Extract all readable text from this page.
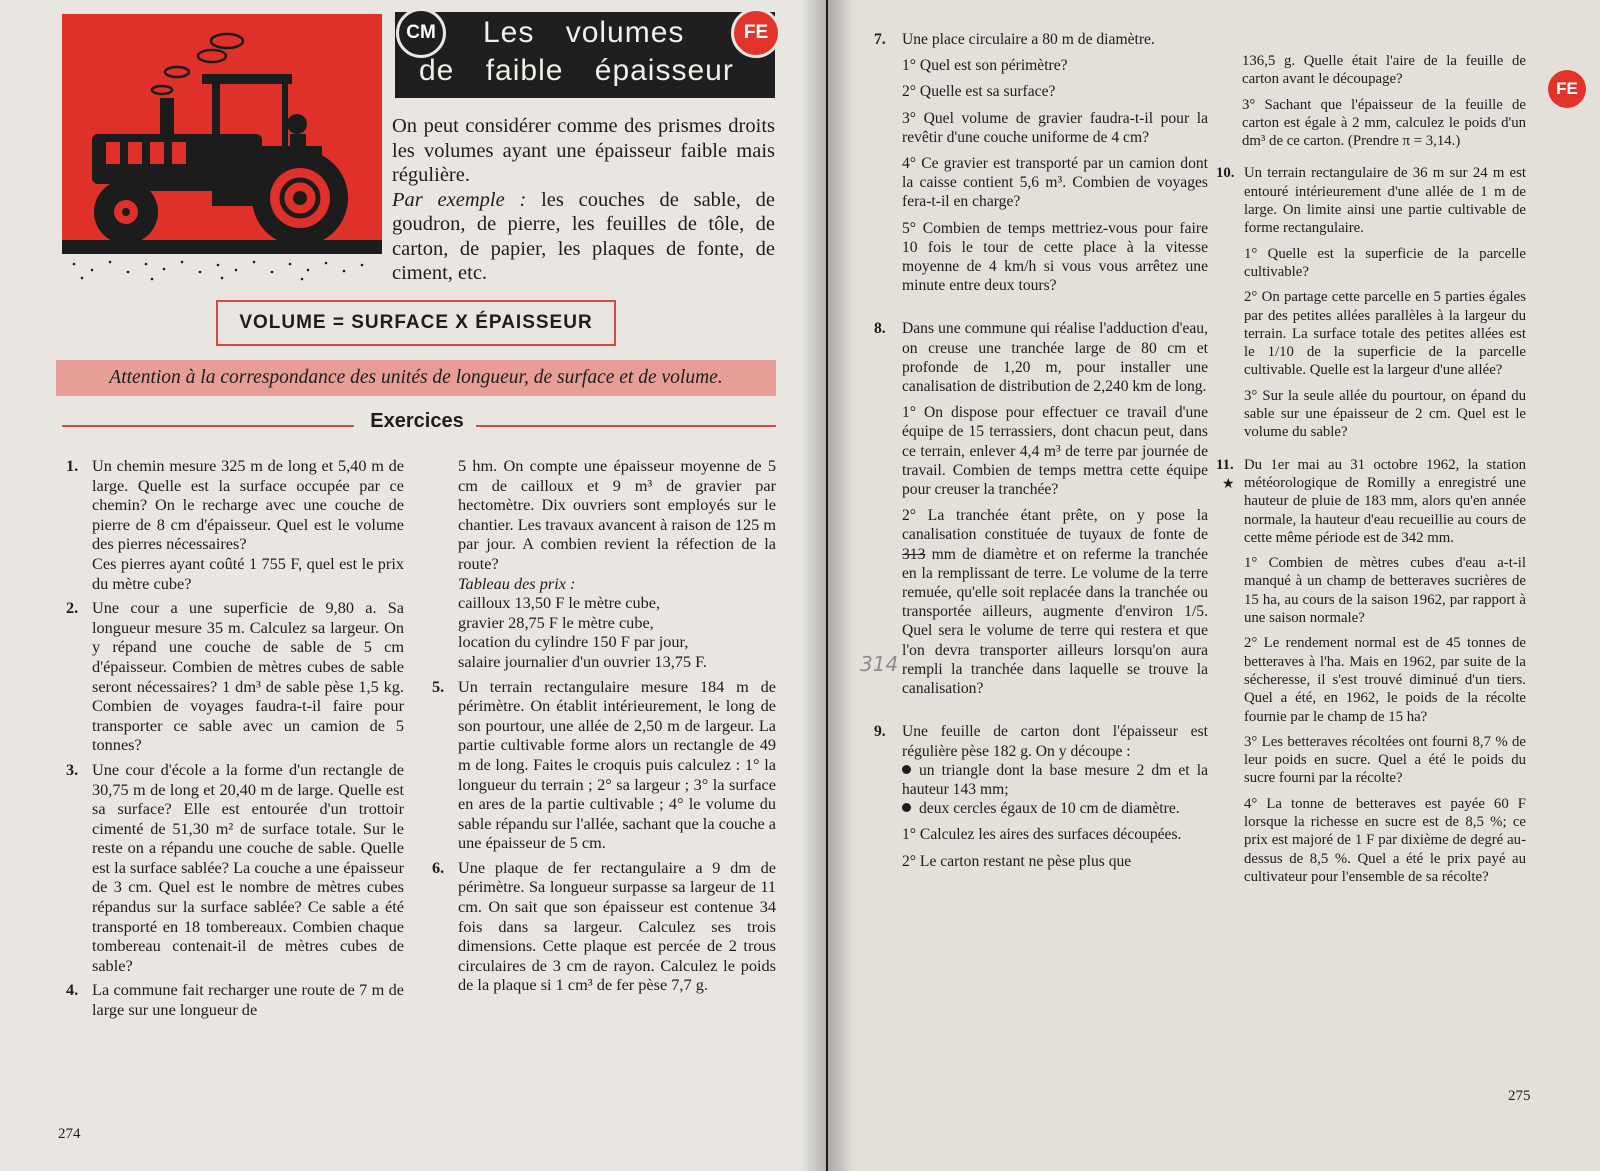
Les volumes
de faible épaisseur
CM	FE

On peut considérer comme des prismes droits les volumes ayant une épaisseur faible mais régulière.

Par exemple : les couches de sable, de goudron, de pierre, les feuilles de tôle, de carton, de papier, les plaques de fonte, de ciment, etc.

VOLUME = SURFACE X ÉPAISSEUR
Attention à la correspondance des unités de longueur, de surface et de volume.
Exercices
1. Un chemin mesure 325 m de long et 5,40 m de large. Quelle est la surface occupée par ce chemin? On le recharge avec une couche de pierre de 8 cm d'épaisseur. Quel est le volume des pierres nécessaires?

Ces pierres ayant coûté 1 755 F, quel est le prix du mètre cube?

2. Une cour a une superficie de 9,80 a. Sa longueur mesure 35 m. Calculez sa largeur. On y répand une couche de sable de 5 cm d'épaisseur. Combien de mètres cubes de sable seront nécessaires? 1 dm³ de sable pèse 1,5 kg. Combien de voyages faudra-t-il faire pour transporter ce sable avec un camion de 5 tonnes?

3. Une cour d'école a la forme d'un rectangle de 30,75 m de long et 20,40 m de large. Quelle est sa surface? Elle est entourée d'un trottoir cimenté de 51,30 m² de surface totale. Sur le reste on a répandu une couche de sable. Quelle est la surface sablée? La couche a une épaisseur de 3 cm. Quel est le nombre de mètres cubes répandus sur la surface sablée? Ce sable a été transporté en 18 tombereaux. Combien chaque tombereau contenait-il de mètres cubes de sable?

4. La commune fait recharger une route de 7 m de large sur une longueur de

5 hm. On compte une épaisseur moyenne de 5 cm de cailloux et 9 m³ de gravier par hectomètre. Dix ouvriers sont employés sur le chantier. Les travaux avancent à raison de 125 m par jour. A combien revient la réfection de la route?

Tableau des prix :

cailloux 13,50 F le mètre cube,

gravier 28,75 F le mètre cube,

location du cylindre 150 F par jour,

salaire journalier d'un ouvrier 13,75 F.

5. Un terrain rectangulaire mesure 184 m de périmètre. On établit intérieurement, le long de son pourtour, une allée de 2,50 m de largeur. La partie cultivable forme alors un rectangle de 49 m de long. Faites le croquis puis calculez : 1° la longueur du terrain ; 2° sa largeur ; 3° la surface en ares de la partie cultivable ; 4° le volume du sable répandu sur l'allée, sachant que la couche a une épaisseur de 5 cm.

6. Une plaque de fer rectangulaire a 9 dm de périmètre. Sa longueur surpasse sa largeur de 11 cm. On sait que son épaisseur est contenue 34 fois dans sa largeur. Calculez ses trois dimensions. Cette plaque est percée de 2 trous circulaires de 3 cm de rayon. Calculez le poids de la plaque si 1 cm³ de fer pèse 7,7 g.

274
FE
314
7. Une place circulaire a 80 m de diamètre.

1° Quel est son périmètre?

2° Quelle est sa surface?

3° Quel volume de gravier faudra-t-il pour la revêtir d'une couche uniforme de 4 cm?

4° Ce gravier est transporté par un camion dont la caisse contient 5,6 m³. Combien de voyages fera-t-il en charge?

5° Combien de temps mettriez-vous pour faire 10 fois le tour de cette place à la vitesse moyenne de 4 km/h si vous vous arrêtez une minute entre deux tours?

8. Dans une commune qui réalise l'adduction d'eau, on creuse une tranchée large de 80 cm et profonde de 1,20 m, pour installer une canalisation de distribution de 2,240 km de long.

1° On dispose pour effectuer ce travail d'une équipe de 15 terrassiers, dont chacun peut, dans ce terrain, enlever 4,4 m³ de terre par journée de travail. Combien de temps mettra cette équipe pour creuser la tranchée?

2° La tranchée étant prête, on y pose la canalisation constituée de tuyaux de fonte de 313 mm de diamètre et on referme la tranchée en la remplissant de terre. Le volume de la terre remuée, qu'elle soit replacée dans la tranchée ou transportée ailleurs, augmente d'environ 1/5. Quel sera le volume de terre qui restera et que l'on devra transporter ailleurs lorsqu'on aura rempli la tranchée dans laquelle se trouve la canalisation?

9. Une feuille de carton dont l'épaisseur est régulière pèse 182 g. On y découpe :

un triangle dont la base mesure 2 dm et la hauteur 143 mm;

deux cercles égaux de 10 cm de diamètre.

1° Calculez les aires des surfaces découpées.

2° Le carton restant ne pèse plus que

136,5 g. Quelle était l'aire de la feuille de carton avant le découpage?

3° Sachant que l'épaisseur de la feuille de carton est égale à 2 mm, calculez le poids d'un dm³ de ce carton. (Prendre π = 3,14.)

10. Un terrain rectangulaire de 36 m sur 24 m est entouré intérieurement d'une allée de 1 m de large. On limite ainsi une partie cultivable de forme rectangulaire.

1° Quelle est la superficie de la parcelle cultivable?

2° On partage cette parcelle en 5 parties égales par des petites allées parallèles à la largeur du terrain. La surface totale des petites allées est le 1/10 de la superficie de la parcelle cultivable. Quelle est la largeur d'une allée?

3° Sur la seule allée du pourtour, on épand du sable sur une épaisseur de 2 cm. Quel est le volume du sable?

11.
★

Du 1er mai au 31 octobre 1962, la station météorologique de Romilly a enregistré une hauteur de pluie de 183 mm, alors qu'en année normale, la hauteur d'eau recueillie au cours de cette même période est de 342 mm.

1° Combien de mètres cubes d'eau a-t-il manqué à un champ de betteraves sucrières de 15 ha, au cours de la saison 1962, par rapport à une saison normale?

2° Le rendement normal est de 45 tonnes de betteraves à l'ha. Mais en 1962, par suite de la sécheresse, il s'est trouvé diminué d'un tiers. Quel a été, en 1962, le poids de la récolte fournie par le champ de 15 ha?

3° Les betteraves récoltées ont fourni 8,7 % de leur poids en sucre. Quel a été le poids du sucre fourni par la récolte?

4° La tonne de betteraves est payée 60 F lorsque la richesse en sucre est de 8,5 %; ce prix est majoré de 1 F par dixième de degré au-dessus de 8,5 %. Quel a été le prix payé au cultivateur pour l'ensemble de sa récolte?

275
